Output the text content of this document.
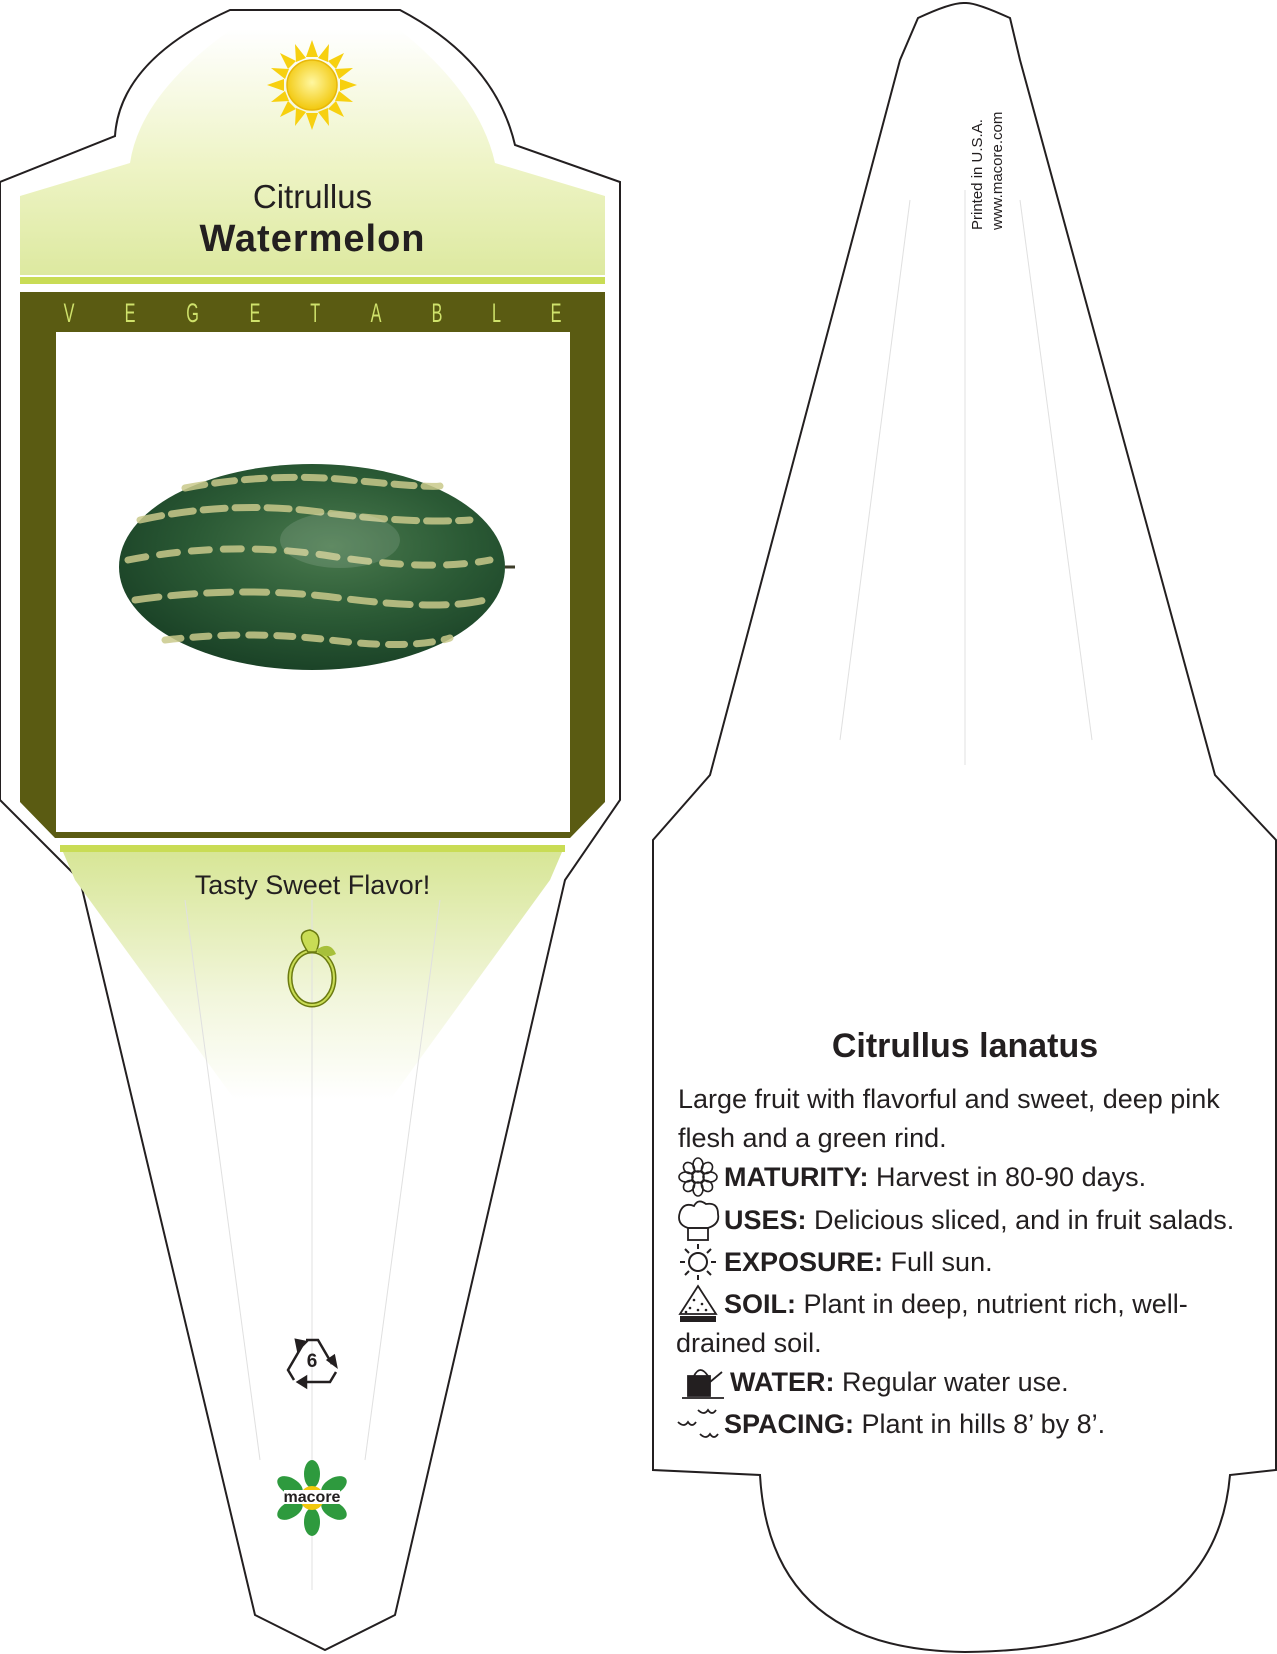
Citrullus
Watermelon
V E G E T A B L E
Tasty Sweet Flavor!
6
macore
Printed in U.S.A. www.macore.com
Citrullus lanatus
Large fruit with flavorful and sweet, deep pink flesh and a green rind.
MATURITY: Harvest in 80-90 days.
USES: Delicious sliced, and in fruit salads.
EXPOSURE: Full sun.
SOIL: Plant in deep, nutrient rich, well-drained soil.
WATER: Regular water use.
SPACING: Plant in hills 8’ by 8’.
